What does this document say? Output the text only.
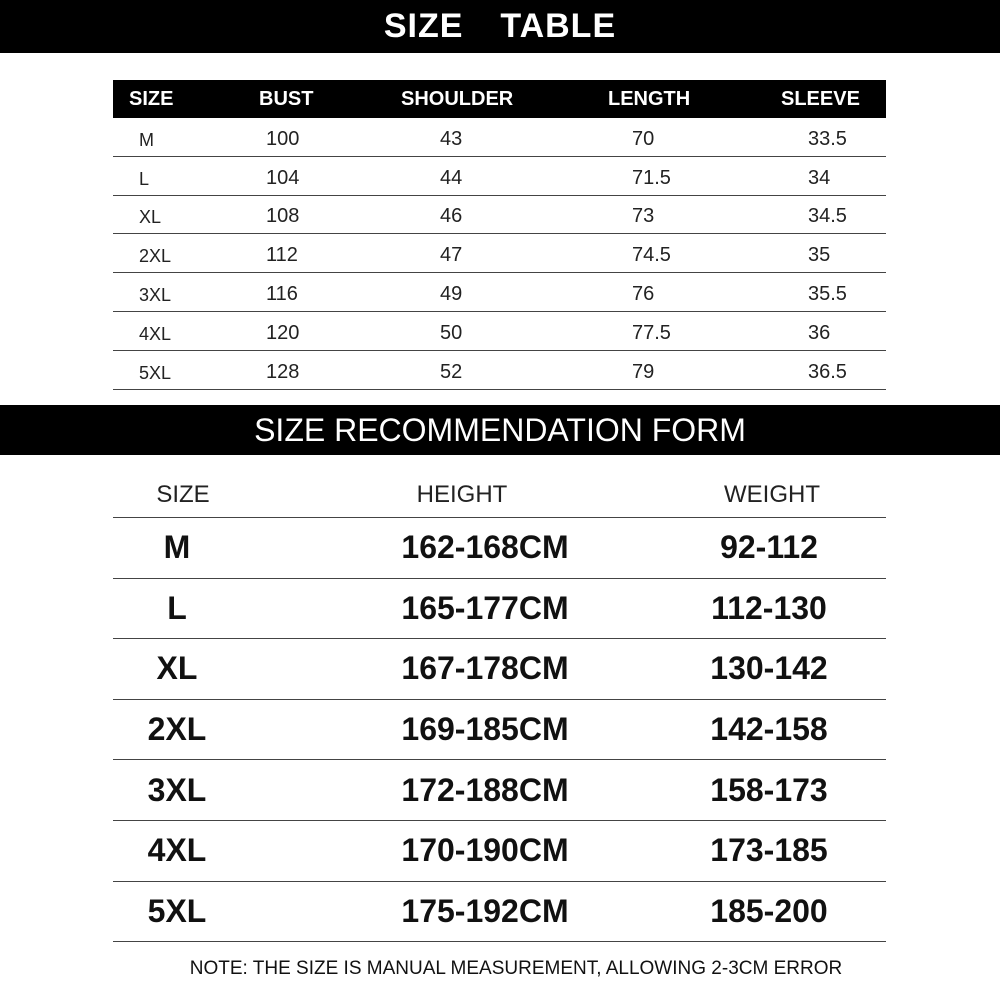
SIZE  TABLE
SIZE	BUST	SHOULDER	LENGTH	SLEEVE
M	100	43	70	33.5
L	104	44	71.5	34
XL	108	46	73	34.5
2XL	112	47	74.5	35
3XL	116	49	76	35.5
4XL	120	50	77.5	36
5XL	128	52	79	36.5
SIZE RECOMMENDATION FORM
SIZE	HEIGHT	WEIGHT
M	162-168CM	92-112
L	165-177CM	112-130
XL	167-178CM	130-142
2XL	169-185CM	142-158
3XL	172-188CM	158-173
4XL	170-190CM	173-185
5XL	175-192CM	185-200
NOTE: THE SIZE IS MANUAL MEASUREMENT, ALLOWING 2-3CM ERROR
